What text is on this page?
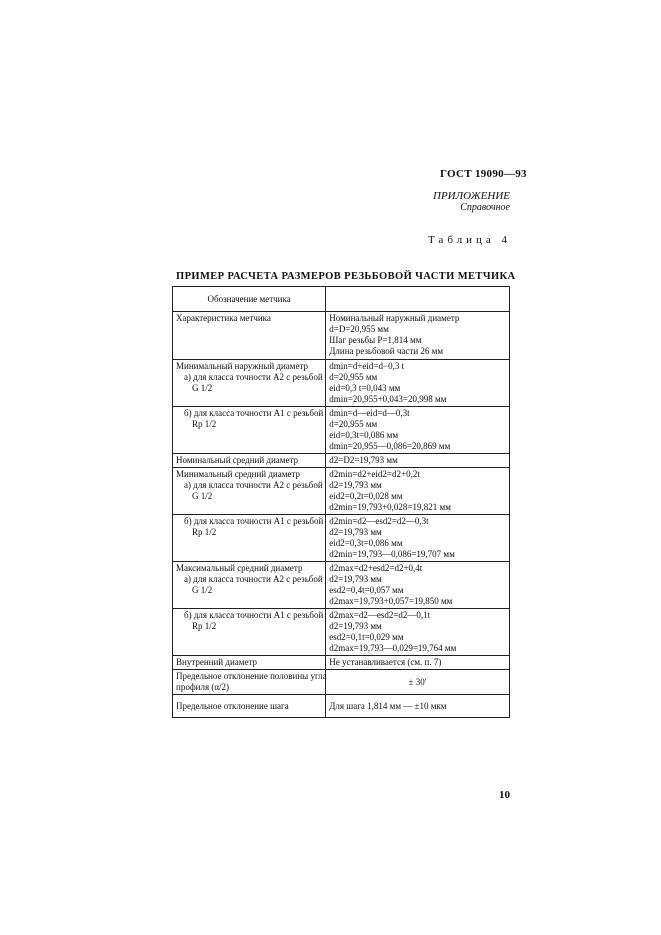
ГОСТ 19090—93
ПРИЛОЖЕНИЕ
Справочное
Таблица 4
ПРИМЕР РАСЧЕТА РАЗМЕРОВ РЕЗЬБОВОЙ ЧАСТИ МЕТЧИКА
Обозначение метчика	

Характеристика метчика	Номинальный наружный диаметр
d=D=20,955 мм
Шаг резьбы P=1,814 мм
Длина резьбовой части 26 мм

Минимальный наружный диаметр
а) для класса точности А2 с резьбой
G 1/2	dmin=d+eid=d−0,3 t
d=20,955 мм
eid=0,3 t=0,043 мм
dmin=20,955+0,043=20,998 мм

б) для класса точности А1 с резьбой
Rp 1/2	dmin=d—eid=d—0,3t
d=20,955 мм
eid=0,3t=0,086 мм
dmin=20,955—0,086=20,869 мм

Номинальный средний диаметр	d2=D2=19,793 мм

Минимальный средний диаметр
а) для класса точности А2 с резьбой
G 1/2	d2min=d2+eid2=d2+0,2t
d2=19,793 мм
eid2=0,2t=0,028 мм
d2min=19,793+0,028=19,821 мм

б) для класса точности А1 с резьбой
Rp 1/2	d2min=d2—esd2=d2—0,3t
d2=19,793 мм
eid2=0,3t=0,086 мм
d2min=19,793—0,086=19,707 мм

Максимальный средний диаметр
а) для класса точности А2 с резьбой
G 1/2	d2max=d2+esd2=d2+0,4t
d2=19,793 мм
esd2=0,4t=0,057 мм
d2max=19,793+0,057=19,850 мм

б) для класса точности А1 с резьбой
Rp 1/2	d2max=d2—esd2=d2—0,1t
d2=19,793 мм
esd2=0,1t=0,029 мм
d2max=19,793—0,029=19,764 мм

Внутренний диаметр	Не устанавливается (см. п. 7)

Предельное отклонение половины угла
профиля (α/2)	± 30′

Предельное отклонение шага	Для шага 1,814 мм — ±10 мкм
10
